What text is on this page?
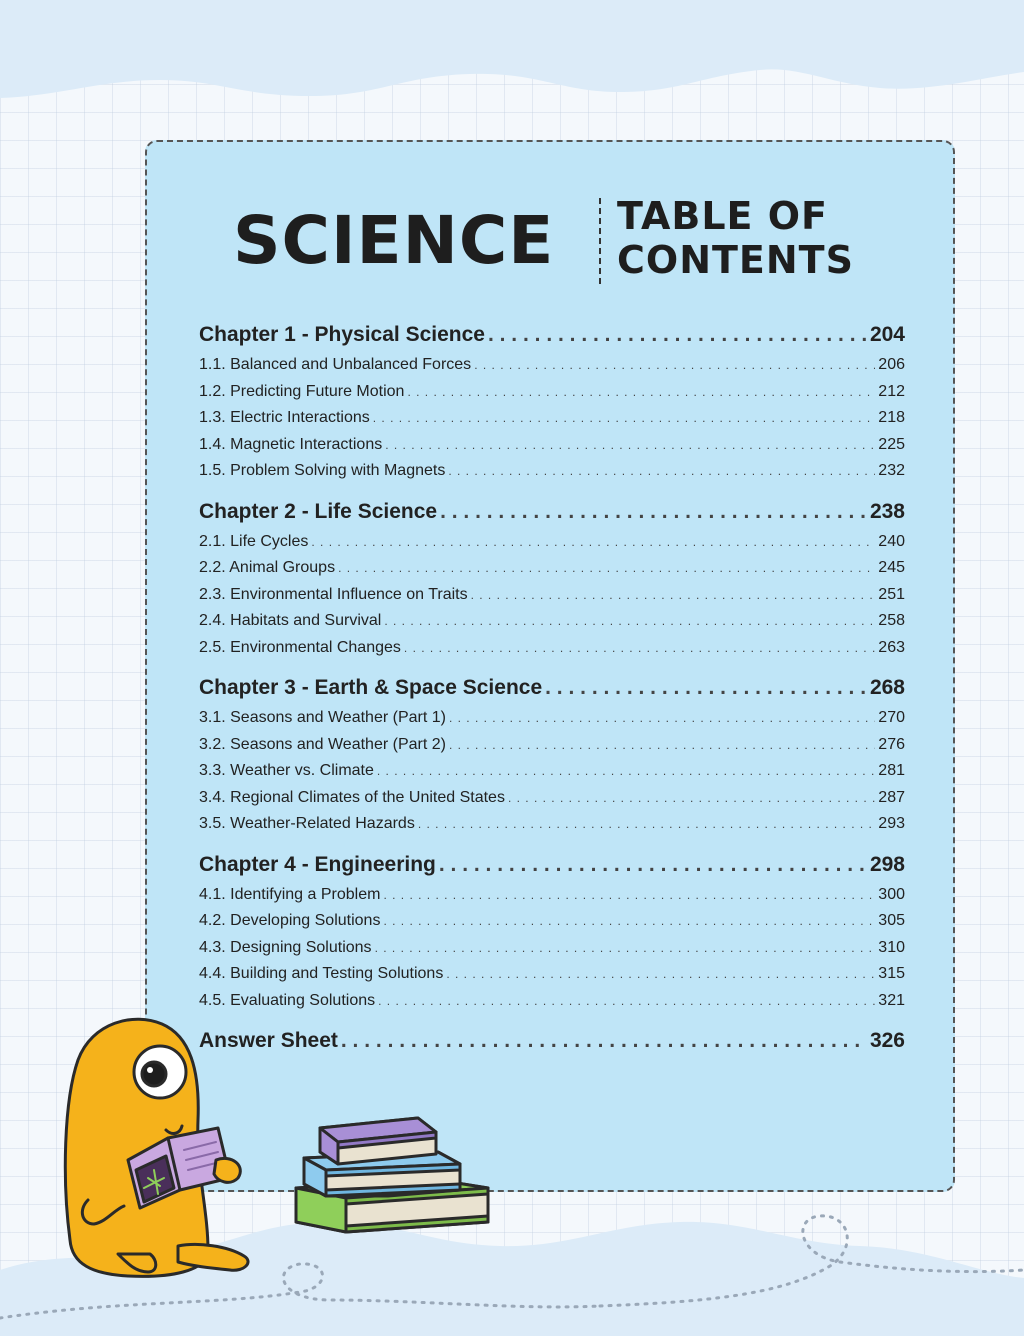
SCIENCE TABLE OF
CONTENTS
Chapter 1 - Physical Science . . .	204
1.1. Balanced and Unbalanced Forces . . .	206
1.2. Predicting Future Motion . . .	212
1.3. Electric Interactions . . .	218
1.4. Magnetic Interactions . . .	225
1.5. Problem Solving with Magnets . . .	232
Chapter 2 - Life Science . . .	238
2.1. Life Cycles . . .	240
2.2. Animal Groups . . .	245
2.3. Environmental Influence on Traits . . .	251
2.4. Habitats and Survival . . .	258
2.5. Environmental Changes . . .	263
Chapter 3 - Earth & Space Science . . .	268
3.1. Seasons and Weather (Part 1) . . .	270
3.2. Seasons and Weather (Part 2) . . .	276
3.3. Weather vs. Climate . . .	281
3.4. Regional Climates of the United States . . .	287
3.5. Weather-Related Hazards . . .	293
Chapter 4 - Engineering . . .	298
4.1. Identifying a Problem . . .	300
4.2. Developing Solutions . . .	305
4.3. Designing Solutions . . .	310
4.4. Building and Testing Solutions . . .	315
4.5. Evaluating Solutions . . .	321
Answer Sheet . . .	326
